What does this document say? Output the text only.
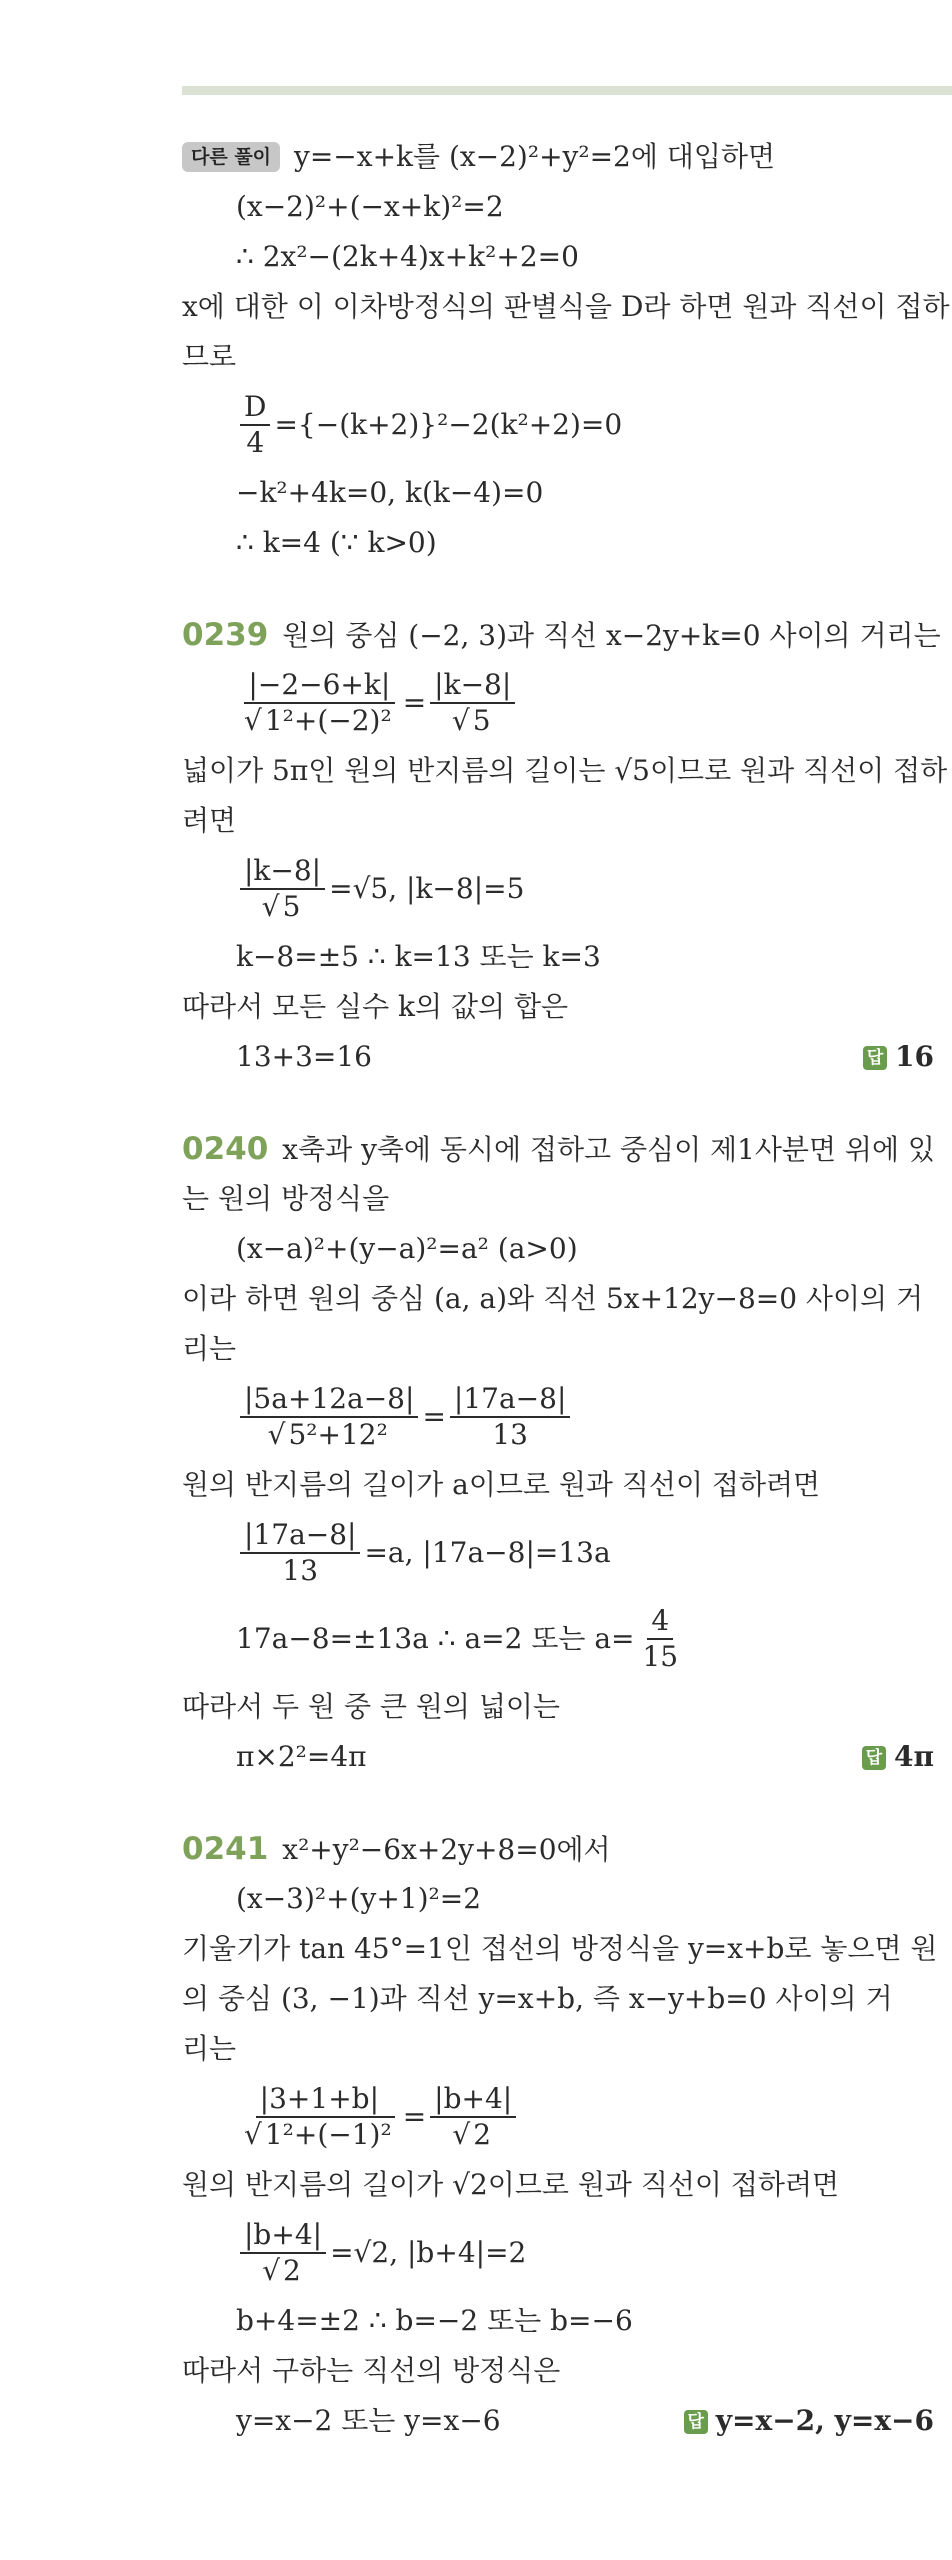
다른 풀이 y=−x+k를 (x−2)²+y²=2에 대입하면
(x−2)²+(−x+k)²=2
∴ 2x²−(2k+4)x+k²+2=0
x에 대한 이 이차방정식의 판별식을 D라 하면 원과 직선이 접하
므로
$\frac{D}{4} =\{-(k+2)\}^2-2(k^2+2)=0$
−k²+4k=0, k(k−4)=0
∴ k=4 (∵ k>0)
0239 원의 중심 (−2, 3)과 직선 x−2y+k=0 사이의 거리는
$\frac{|-2-6+k|}{\text{√ 1²+(−2)²}} = \frac{|k-8|}{√ 5}$
넓이가 5π인 원의 반지름의 길이는 √5이므로 원과 직선이 접하
려면
$\frac{|k-8|}{√ 5} =√5$, |k−8|=5
k−8=±5 ∴ k=13 또는 k=3
따라서 모든 실수 k의 값의 합은
13+3=16	답 16
0240 x축과 y축에 동시에 접하고 중심이 제1사분면 위에 있
는 원의 방정식을
(x−a)²+(y−a)²=a² (a>0)
이라 하면 원의 중심 (a, a)와 직선 5x+12y−8=0 사이의 거
리는
$\frac{|5a+12a-8|}{\text{√ 5²+12²}} = \frac{|17a-8|}{13}$
원의 반지름의 길이가 a이므로 원과 직선이 접하려면
$\frac{|17a-8|}{13} =a$, |17a−8|=13a
17a−8=±13a ∴ a=2 또는 $a= \frac{4}{15}$
따라서 두 원 중 큰 원의 넓이는
π×2²=4π	답 4π
0241 x²+y²−6x+2y+8=0에서
(x−3)²+(y+1)²=2
기울기가 tan 45°=1인 접선의 방정식을 y=x+b로 놓으면 원
의 중심 (3, −1)과 직선 y=x+b, 즉 x−y+b=0 사이의 거
리는
$\frac{|3+1+b|}{\text{√ 1²+(−1)²}} = \frac{|b+4|}{√ 2}$
원의 반지름의 길이가 √2이므로 원과 직선이 접하려면
$\frac{|b+4|}{√ 2} =√2$, |b+4|=2
b+4=±2 ∴ b=−2 또는 b=−6
따라서 구하는 직선의 방정식은
y=x−2 또는 y=x−6	답 y=x−2, y=x−6
